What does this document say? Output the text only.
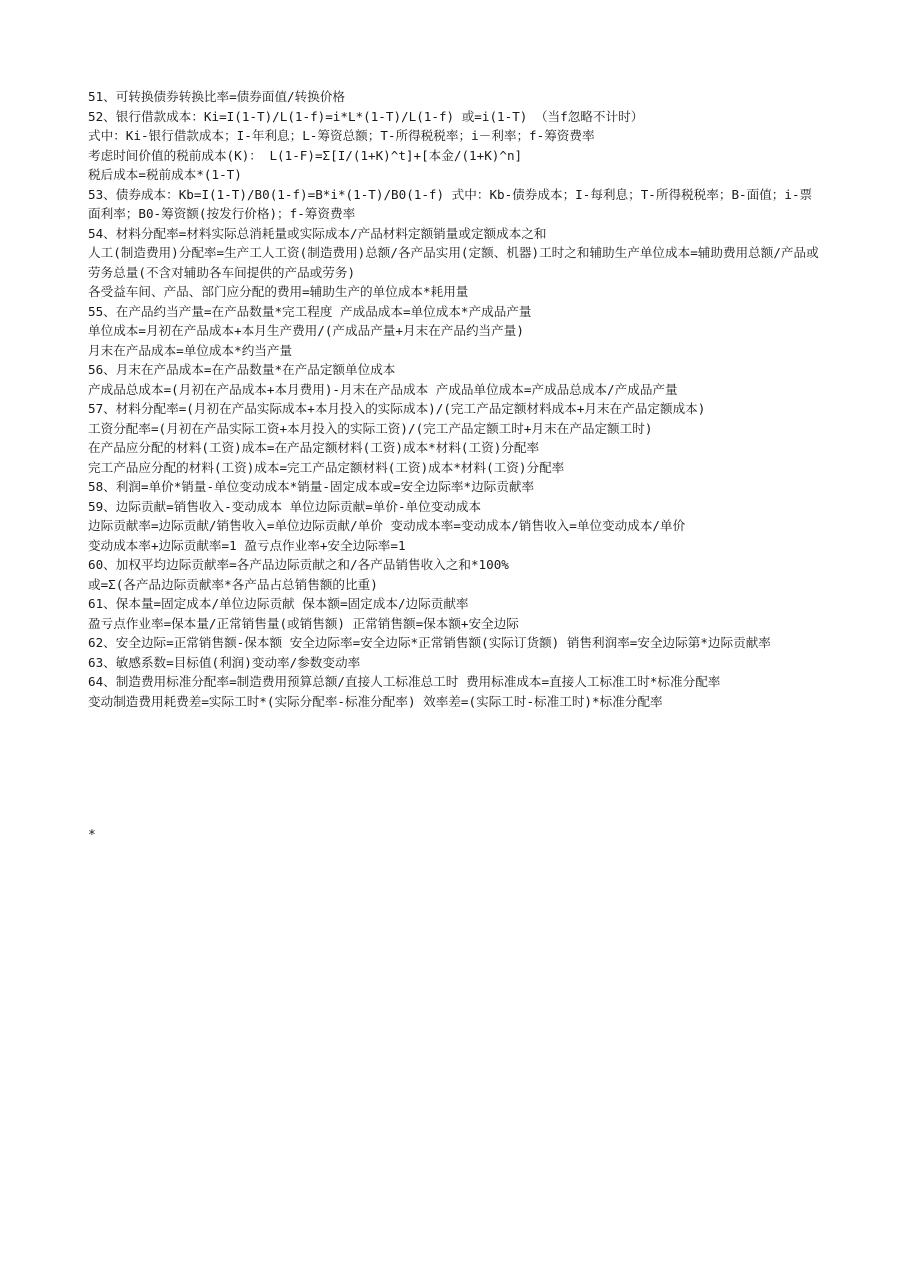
51、可转换债券转换比率=债券面值/转换价格

52、银行借款成本：Ki=I(1-T)/L(1-f)=i*L*(1-T)/L(1-f) 或=i(1-T) （当f忽略不计时）

式中：Ki-银行借款成本；I-年利息；L-筹资总额；T-所得税税率；i－利率；f-筹资费率

考虑时间价值的税前成本(K)： L(1-F)=Σ[I/(1+K)^t]+[本金/(1+K)^n]

税后成本=税前成本*(1-T)

53、债券成本：Kb=I(1-T)/B0(1-f)=B*i*(1-T)/B0(1-f) 式中：Kb-债券成本；I-每利息；T-所得税税率；B-面值；i-票面利率；B0-筹资额(按发行价格)；f-筹资费率

54、材料分配率=材料实际总消耗量或实际成本/产品材料定额销量或定额成本之和

人工(制造费用)分配率=生产工人工资(制造费用)总额/各产品实用(定额、机器)工时之和辅助生产单位成本=辅助费用总额/产品或劳务总量(不含对辅助各车间提供的产品或劳务)

各受益车间、产品、部门应分配的费用=辅助生产的单位成本*耗用量

55、在产品约当产量=在产品数量*完工程度 产成品成本=单位成本*产成品产量

单位成本=月初在产品成本+本月生产费用/(产成品产量+月末在产品约当产量)

月末在产品成本=单位成本*约当产量

56、月末在产品成本=在产品数量*在产品定额单位成本

产成品总成本=(月初在产品成本+本月费用)-月末在产品成本 产成品单位成本=产成品总成本/产成品产量

57、材料分配率=(月初在产品实际成本+本月投入的实际成本)/(完工产品定额材料成本+月末在产品定额成本)

工资分配率=(月初在产品实际工资+本月投入的实际工资)/(完工产品定额工时+月末在产品定额工时)

在产品应分配的材料(工资)成本=在产品定额材料(工资)成本*材料(工资)分配率

完工产品应分配的材料(工资)成本=完工产品定额材料(工资)成本*材料(工资)分配率

58、利润=单价*销量-单位变动成本*销量-固定成本或=安全边际率*边际贡献率

59、边际贡献=销售收入-变动成本 单位边际贡献=单价-单位变动成本

边际贡献率=边际贡献/销售收入=单位边际贡献/单价 变动成本率=变动成本/销售收入=单位变动成本/单价

变动成本率+边际贡献率=1 盈亏点作业率+安全边际率=1

60、加权平均边际贡献率=各产品边际贡献之和/各产品销售收入之和*100%

或=Σ(各产品边际贡献率*各产品占总销售额的比重)

61、保本量=固定成本/单位边际贡献 保本额=固定成本/边际贡献率

盈亏点作业率=保本量/正常销售量(或销售额) 正常销售额=保本额+安全边际

62、安全边际=正常销售额-保本额 安全边际率=安全边际*正常销售额(实际订货额) 销售利润率=安全边际第*边际贡献率

63、敏感系数=目标值(利润)变动率/参数变动率

64、制造费用标准分配率=制造费用预算总额/直接人工标准总工时 费用标准成本=直接人工标准工时*标准分配率

变动制造费用耗费差=实际工时*(实际分配率-标准分配率) 效率差=(实际工时-标准工时)*标准分配率

*
